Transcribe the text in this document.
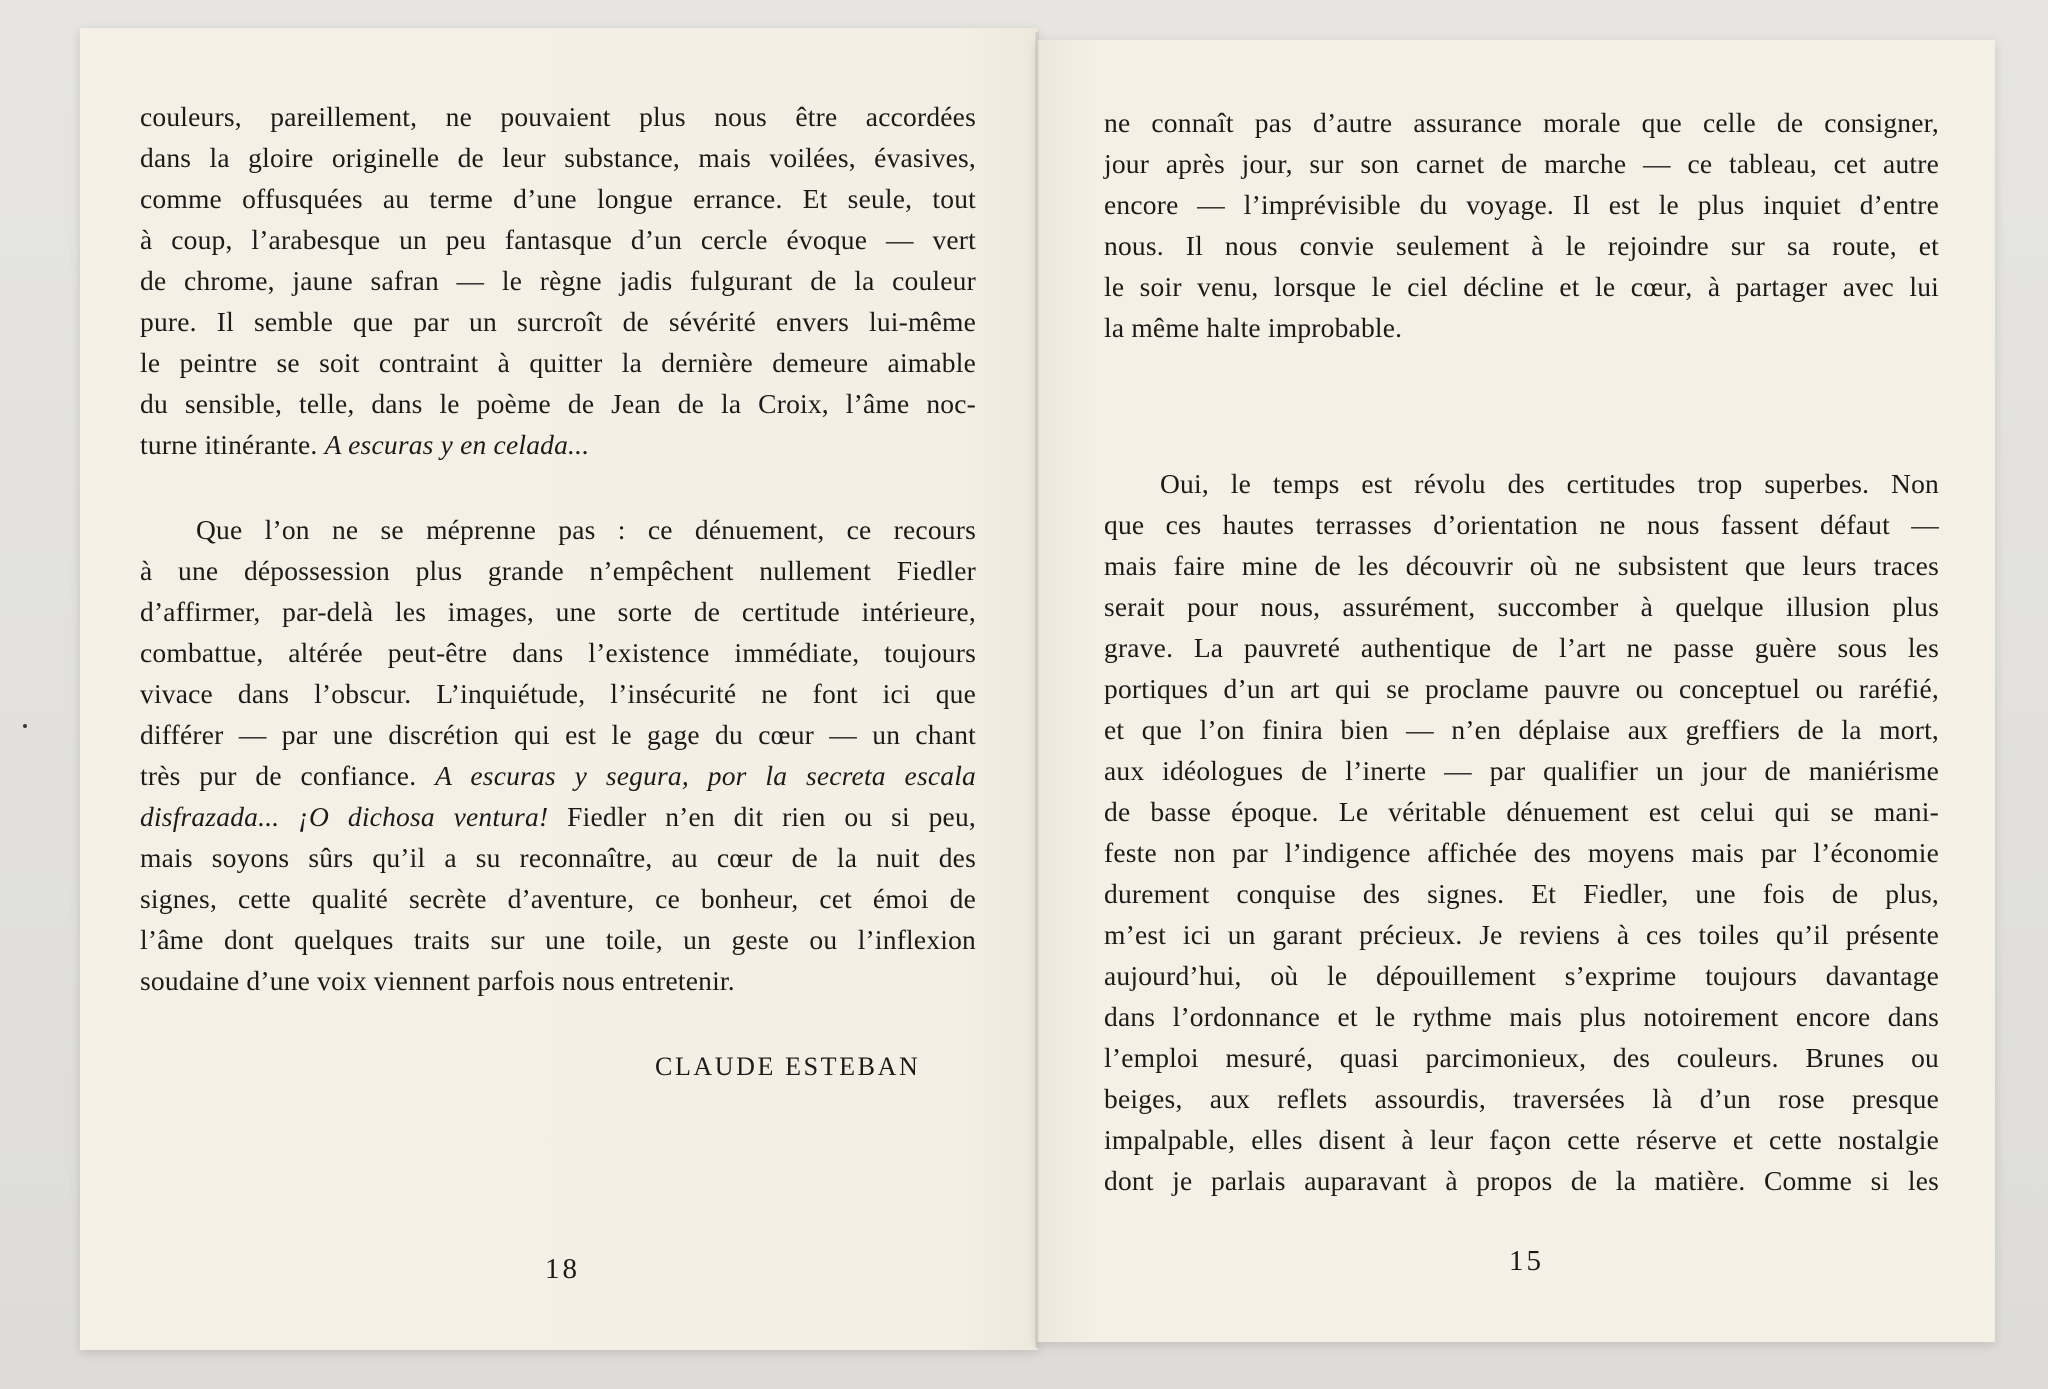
couleurs, pareillement, ne pouvaient plus nous être accordées
dans la gloire originelle de leur substance, mais voilées, évasives,
comme offusquées au terme d’une longue errance. Et seule, tout
à coup, l’arabesque un peu fantasque d’un cercle évoque — vert
de chrome, jaune safran — le règne jadis fulgurant de la couleur
pure. Il semble que par un surcroît de sévérité envers lui-même
le peintre se soit contraint à quitter la dernière demeure aimable
du sensible, telle, dans le poème de Jean de la Croix, l’âme noc-
turne itinérante. A escuras y en celada...
Que l’on ne se méprenne pas : ce dénuement, ce recours
à une dépossession plus grande n’empêchent nullement Fiedler
d’affirmer, par-delà les images, une sorte de certitude intérieure,
combattue, altérée peut-être dans l’existence immédiate, toujours
vivace dans l’obscur. L’inquiétude, l’insécurité ne font ici que
différer — par une discrétion qui est le gage du cœur — un chant
très pur de confiance. A escuras y segura, por la secreta escala
disfrazada... ¡O dichosa ventura! Fiedler n’en dit rien ou si peu,
mais soyons sûrs qu’il a su reconnaître, au cœur de la nuit des
signes, cette qualité secrète d’aventure, ce bonheur, cet émoi de
l’âme dont quelques traits sur une toile, un geste ou l’inflexion
soudaine d’une voix viennent parfois nous entretenir.
CLAUDE ESTEBAN
18
ne connaît pas d’autre assurance morale que celle de consigner,
jour après jour, sur son carnet de marche — ce tableau, cet autre
encore — l’imprévisible du voyage. Il est le plus inquiet d’entre
nous. Il nous convie seulement à le rejoindre sur sa route, et
le soir venu, lorsque le ciel décline et le cœur, à partager avec lui
la même halte improbable.
Oui, le temps est révolu des certitudes trop superbes. Non
que ces hautes terrasses d’orientation ne nous fassent défaut —
mais faire mine de les découvrir où ne subsistent que leurs traces
serait pour nous, assurément, succomber à quelque illusion plus
grave. La pauvreté authentique de l’art ne passe guère sous les
portiques d’un art qui se proclame pauvre ou conceptuel ou raréfié,
et que l’on finira bien — n’en déplaise aux greffiers de la mort,
aux idéologues de l’inerte — par qualifier un jour de maniérisme
de basse époque. Le véritable dénuement est celui qui se mani-
feste non par l’indigence affichée des moyens mais par l’économie
durement conquise des signes. Et Fiedler, une fois de plus,
m’est ici un garant précieux. Je reviens à ces toiles qu’il présente
aujourd’hui, où le dépouillement s’exprime toujours davantage
dans l’ordonnance et le rythme mais plus notoirement encore dans
l’emploi mesuré, quasi parcimonieux, des couleurs. Brunes ou
beiges, aux reflets assourdis, traversées là d’un rose presque
impalpable, elles disent à leur façon cette réserve et cette nostalgie
dont je parlais auparavant à propos de la matière. Comme si les
15
